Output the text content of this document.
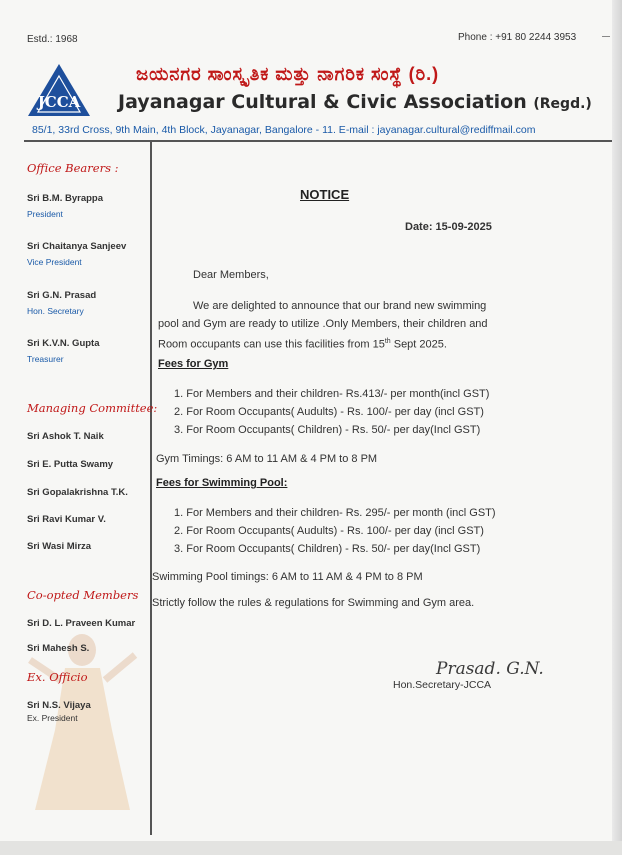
Estd.: 1968	Phone : +91 80 2244 3953
JCCA
ಜಯನಗರ ಸಾಂಸ್ಕೃತಿಕ ಮತ್ತು ನಾಗರಿಕ ಸಂಸ್ಥೆ (ರಿ.)
Jayanagar Cultural & Civic Association (Regd.)
85/1, 33rd Cross, 9th Main, 4th Block, Jayanagar, Bangalore - 11. E-mail : jayanagar.cultural@rediffmail.com
Office Bearers :
Sri B.M. Byrappa
President
Sri Chaitanya Sanjeev
Vice President
Sri G.N. Prasad
Hon. Secretary
Sri K.V.N. Gupta
Treasurer
Managing Committee:
Sri Ashok T. Naik
Sri E. Putta Swamy
Sri Gopalakrishna T.K.
Sri Ravi Kumar V.
Sri Wasi Mirza
Co-opted Members
Sri D. L. Praveen Kumar
Sri Mahesh S.
Ex. Officio
Sri N.S. Vijaya
Ex. President
NOTICE
Date: 15-09-2025
Dear Members,
We are delighted to announce that our brand new swimming
pool and Gym are ready to utilize .Only Members, their children and
Room occupants can use this facilities from 15th Sept 2025.
Fees for Gym
1. For Members and their children- Rs.413/- per month(incl GST)
2. For Room Occupants( Audults) - Rs. 100/- per day (incl GST)
3. For Room Occupants( Children) - Rs. 50/- per day(Incl GST)
Gym Timings: 6 AM to 11 AM & 4 PM to 8 PM
Fees for Swimming Pool:
1. For Members and their children- Rs. 295/- per month (incl GST)
2. For Room Occupants( Audults) - Rs. 100/- per day (incl GST)
3. For Room Occupants( Children) - Rs. 50/- per day(Incl GST)
Swimming Pool timings: 6 AM to 11 AM & 4 PM to 8 PM
Strictly follow the rules & regulations for Swimming and Gym area.
Prasad. G.N.
Hon.Secretary-JCCA
